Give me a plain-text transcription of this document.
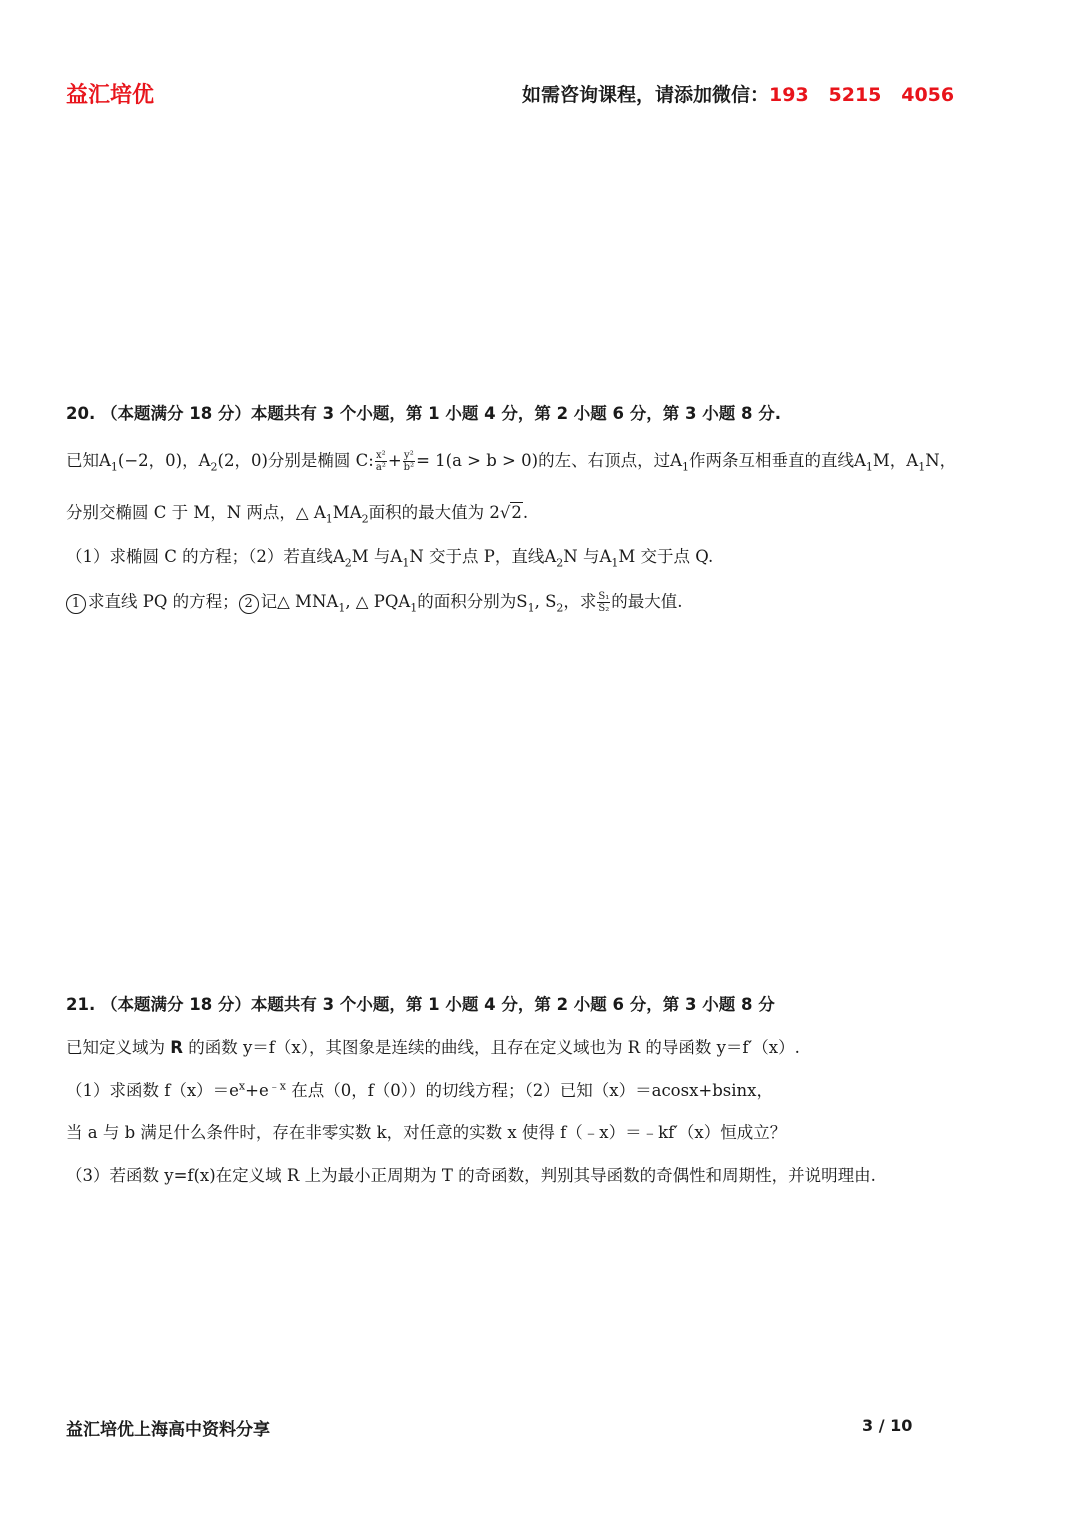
益汇培优	如需咨询课程，请添加微信：193   5215   4056
20. （本题满分 18 分）本题共有 3 个小题，第 1 小题 4 分，第 2 小题 6 分，第 3 小题 8 分.
已知$A_1(-2$，0)，$A_2(2$，0)分别是椭圆 C: $\frac{\text{x²}}{\text{a²}} + \frac{\text{y²}}{\text{b²}} = 1(a > b > 0)$的左、右顶点，过$A_1$作两条互相垂直的直线$A_1M$，$A_1N$，
分别交椭圆 C 于 M，N 两点，△ $A_1MA_2$面积的最大值为 2√2.
（1）求椭圆 C 的方程；（2）若直线$A_2M$ 与$A_1N$ 交于点 P，直线$A_2N$ 与$A_1M$ 交于点 Q.
1 求直线 PQ 的方程； 2 记△ $MNA_1$, △ $PQA_1$的面积分别为$S_1$, $S_2$，求 $\frac{\text{S₁}}{\text{S₂}}$ 的最大值.
21. （本题满分 18 分）本题共有 3 个小题，第 1 小题 4 分，第 2 小题 6 分，第 3 小题 8 分
已知定义域为 R 的函数 y＝f（x），其图象是连续的曲线，且存在定义域也为 R 的导函数 y＝f′（x）.
（1）求函数 $f(x)=e^x+e^{﹣x}$ 在点（0，f（0））的切线方程；（2）已知（x）＝acosx+bsinx，
当 a 与 b 满足什么条件时，存在非零实数 k，对任意的实数 x 使得 f（﹣x）＝﹣kf′（x）恒成立？
（3）若函数 y=f(x)在定义域 R 上为最小正周期为 T 的奇函数，判别其导函数的奇偶性和周期性，并说明理由.
益汇培优上海高中资料分享	3 / 10
